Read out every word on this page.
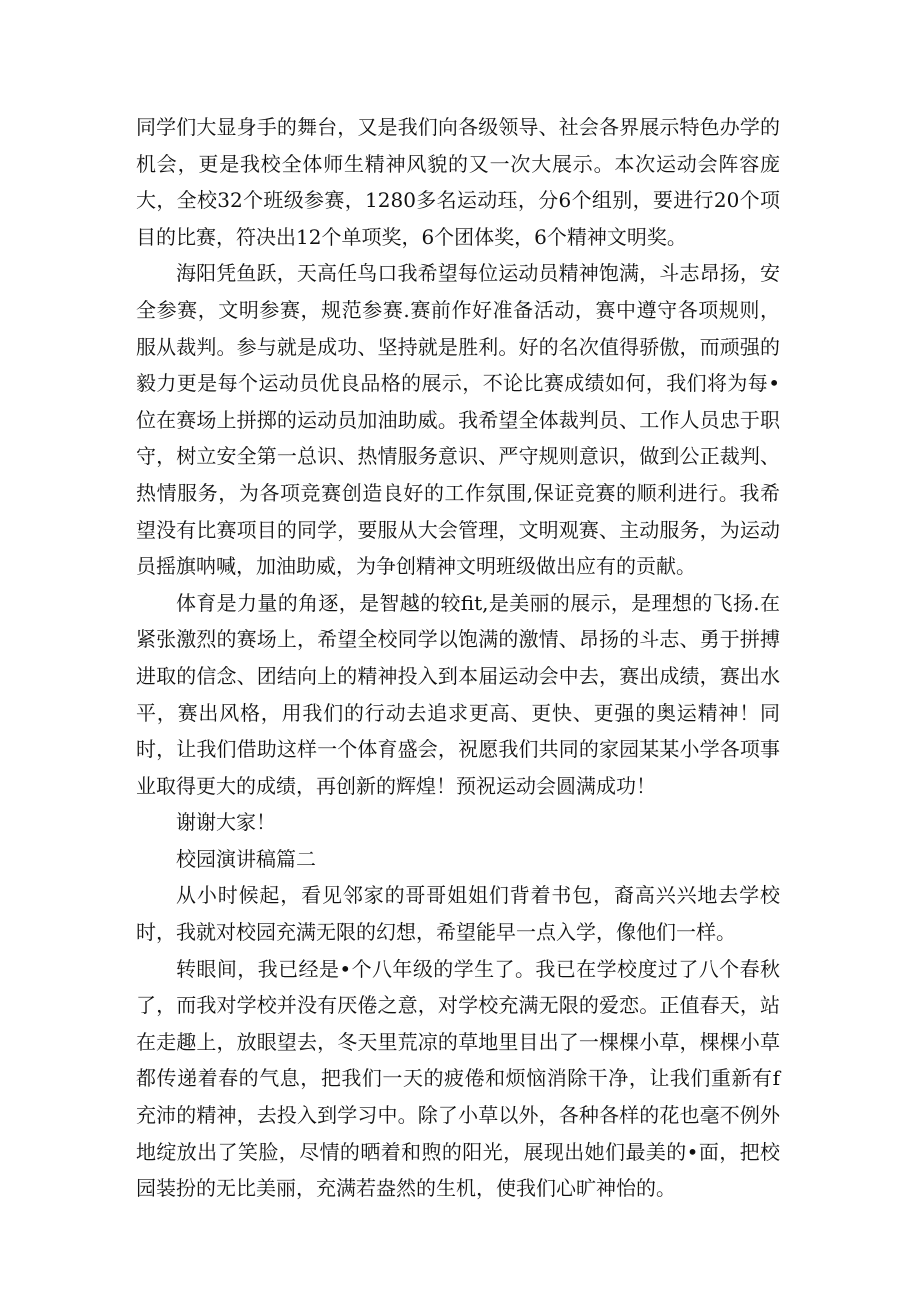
同学们大显身手的舞台，又是我们向各级领导、社会各界展示特色办学的机会，更是我校全体师生精神风貌的又一次大展示。本次运动会阵容庞大，全校32个班级参赛，1280多名运动珏，分6个组别，要进行20个项目的比赛，符决出12个单项奖，6个团体奖，6个精神文明奖。

海阳凭鱼跃，天高任鸟口我希望每位运动员精神饱满，斗志昂扬，安全参赛，文明参赛，规范参赛.赛前作好准备活动，赛中遵守各项规则，服从裁判。参与就是成功、坚持就是胜利。好的名次值得骄傲，而顽强的毅力更是每个运动员优良品格的展示，不论比赛成绩如何，我们将为每•位在赛场上拼掷的运动员加油助威。我希望全体裁判员、工作人员忠于职守，树立安全第一总识、热情服务意识、严守规则意识，做到公正裁判、热情服务，为各项竞赛创造良好的工作氛围,保证竞赛的顺利进行。我希望没有比赛项目的同学，要服从大会管理，文明观赛、主动服务，为运动员摇旗呐喊，加油助威，为争创精神文明班级做出应有的贡献。

体育是力量的角逐，是智越的较fit,是美丽的展示，是理想的飞扬.在紧张激烈的赛场上，希望全校同学以饱满的激情、昂扬的斗志、勇于拼搏进取的信念、团结向上的精神投入到本届运动会中去，赛出成绩，赛出水平，赛出风格，用我们的行动去追求更高、更快、更强的奥运精神！同时，让我们借助这样一个体育盛会，祝愿我们共同的家园某某小学各项事业取得更大的成绩，再创新的辉煌！预祝运动会圆满成功！

谢谢大家！

校园演讲稿篇二

从小时候起，看见邻家的哥哥姐姐们背着书包，裔高兴兴地去学校时，我就对校园充满无限的幻想，希望能早一点入学，像他们一样。

转眼间，我已经是•个八年级的学生了。我已在学校度过了八个春秋了，而我对学校并没有厌倦之意，对学校充满无限的爱恋。正值春天，站在走趣上，放眼望去，冬天里荒凉的草地里目出了一棵棵小草，棵棵小草都传递着春的气息，把我们一天的疲倦和烦恼消除干净，让我们重新有f充沛的精神，去投入到学习中。除了小草以外，各种各样的花也毫不例外地绽放出了笑脸，尽情的晒着和煦的阳光，展现出她们最美的•面，把校园装扮的无比美丽，充满若盎然的生机，使我们心旷神怡的。
